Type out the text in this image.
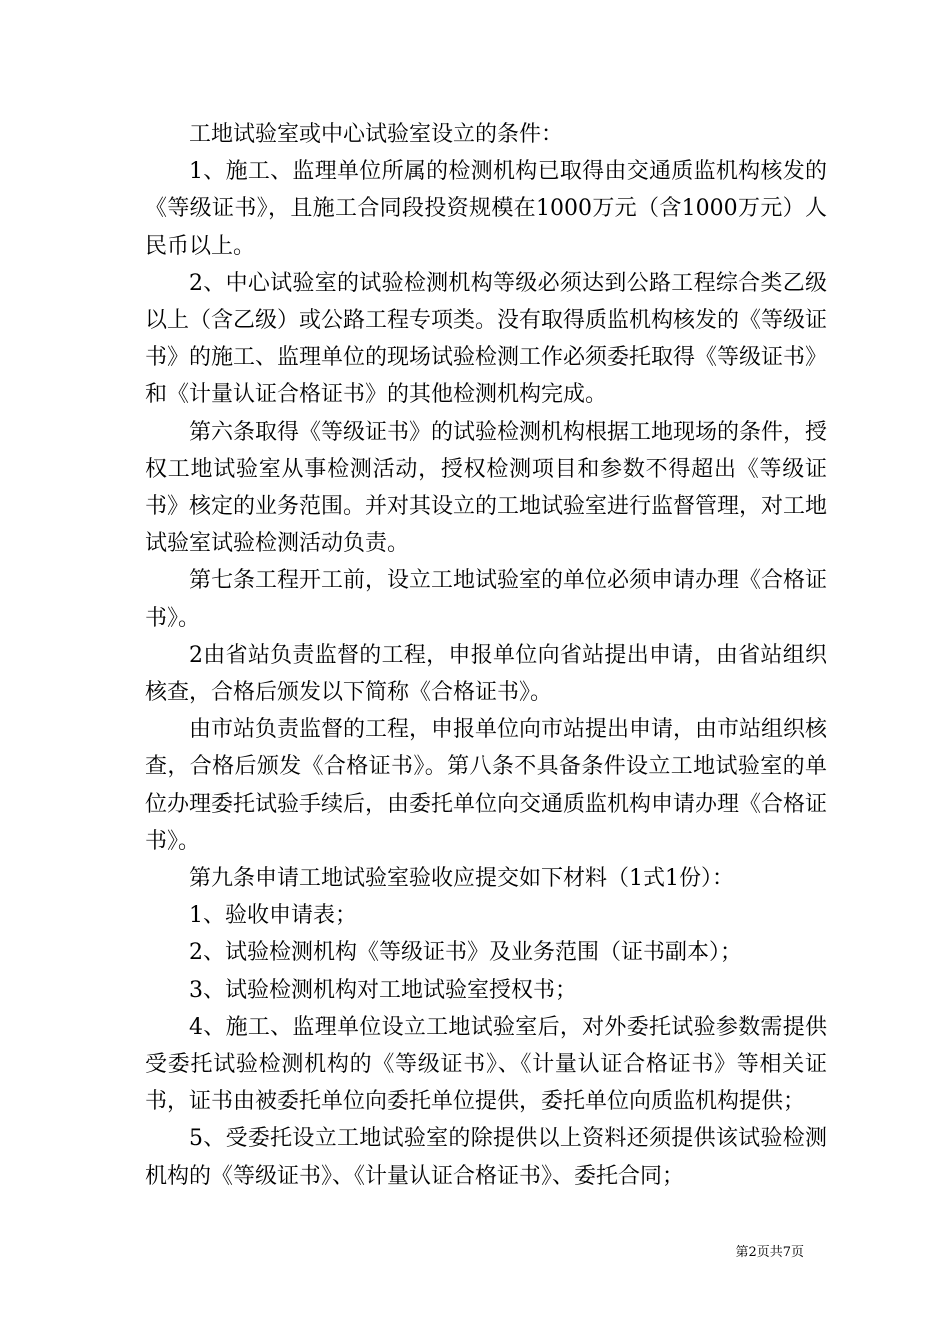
工地试验室或中心试验室设立的条件：

1、施工、监理单位所属的检测机构已取得由交通质监机构核发的《等级证书》，且施工合同段投资规模在1000万元（含1000万元）人民币以上。

2、中心试验室的试验检测机构等级必须达到公路工程综合类乙级以上（含乙级）或公路工程专项类。没有取得质监机构核发的《等级证书》的施工、监理单位的现场试验检测工作必须委托取得《等级证书》和《计量认证合格证书》的其他检测机构完成。

第六条取得《等级证书》的试验检测机构根据工地现场的条件，授权工地试验室从事检测活动，授权检测项目和参数不得超出《等级证书》核定的业务范围。并对其设立的工地试验室进行监督管理，对工地试验室试验检测活动负责。

第七条工程开工前，设立工地试验室的单位必须申请办理《合格证书》。

2由省站负责监督的工程，申报单位向省站提出申请，由省站组织核查，合格后颁发以下简称《合格证书》。

由市站负责监督的工程，申报单位向市站提出申请，由市站组织核查，合格后颁发《合格证书》。第八条不具备条件设立工地试验室的单位办理委托试验手续后，由委托单位向交通质监机构申请办理《合格证书》。

第九条申请工地试验室验收应提交如下材料（1式1份）：

1、验收申请表；

2、试验检测机构《等级证书》及业务范围（证书副本）；

3、试验检测机构对工地试验室授权书；

4、施工、监理单位设立工地试验室后，对外委托试验参数需提供受委托试验检测机构的《等级证书》、《计量认证合格证书》等相关证书，证书由被委托单位向委托单位提供，委托单位向质监机构提供；

5、受委托设立工地试验室的除提供以上资料还须提供该试验检测机构的《等级证书》、《计量认证合格证书》、委托合同；

第2页共7页
